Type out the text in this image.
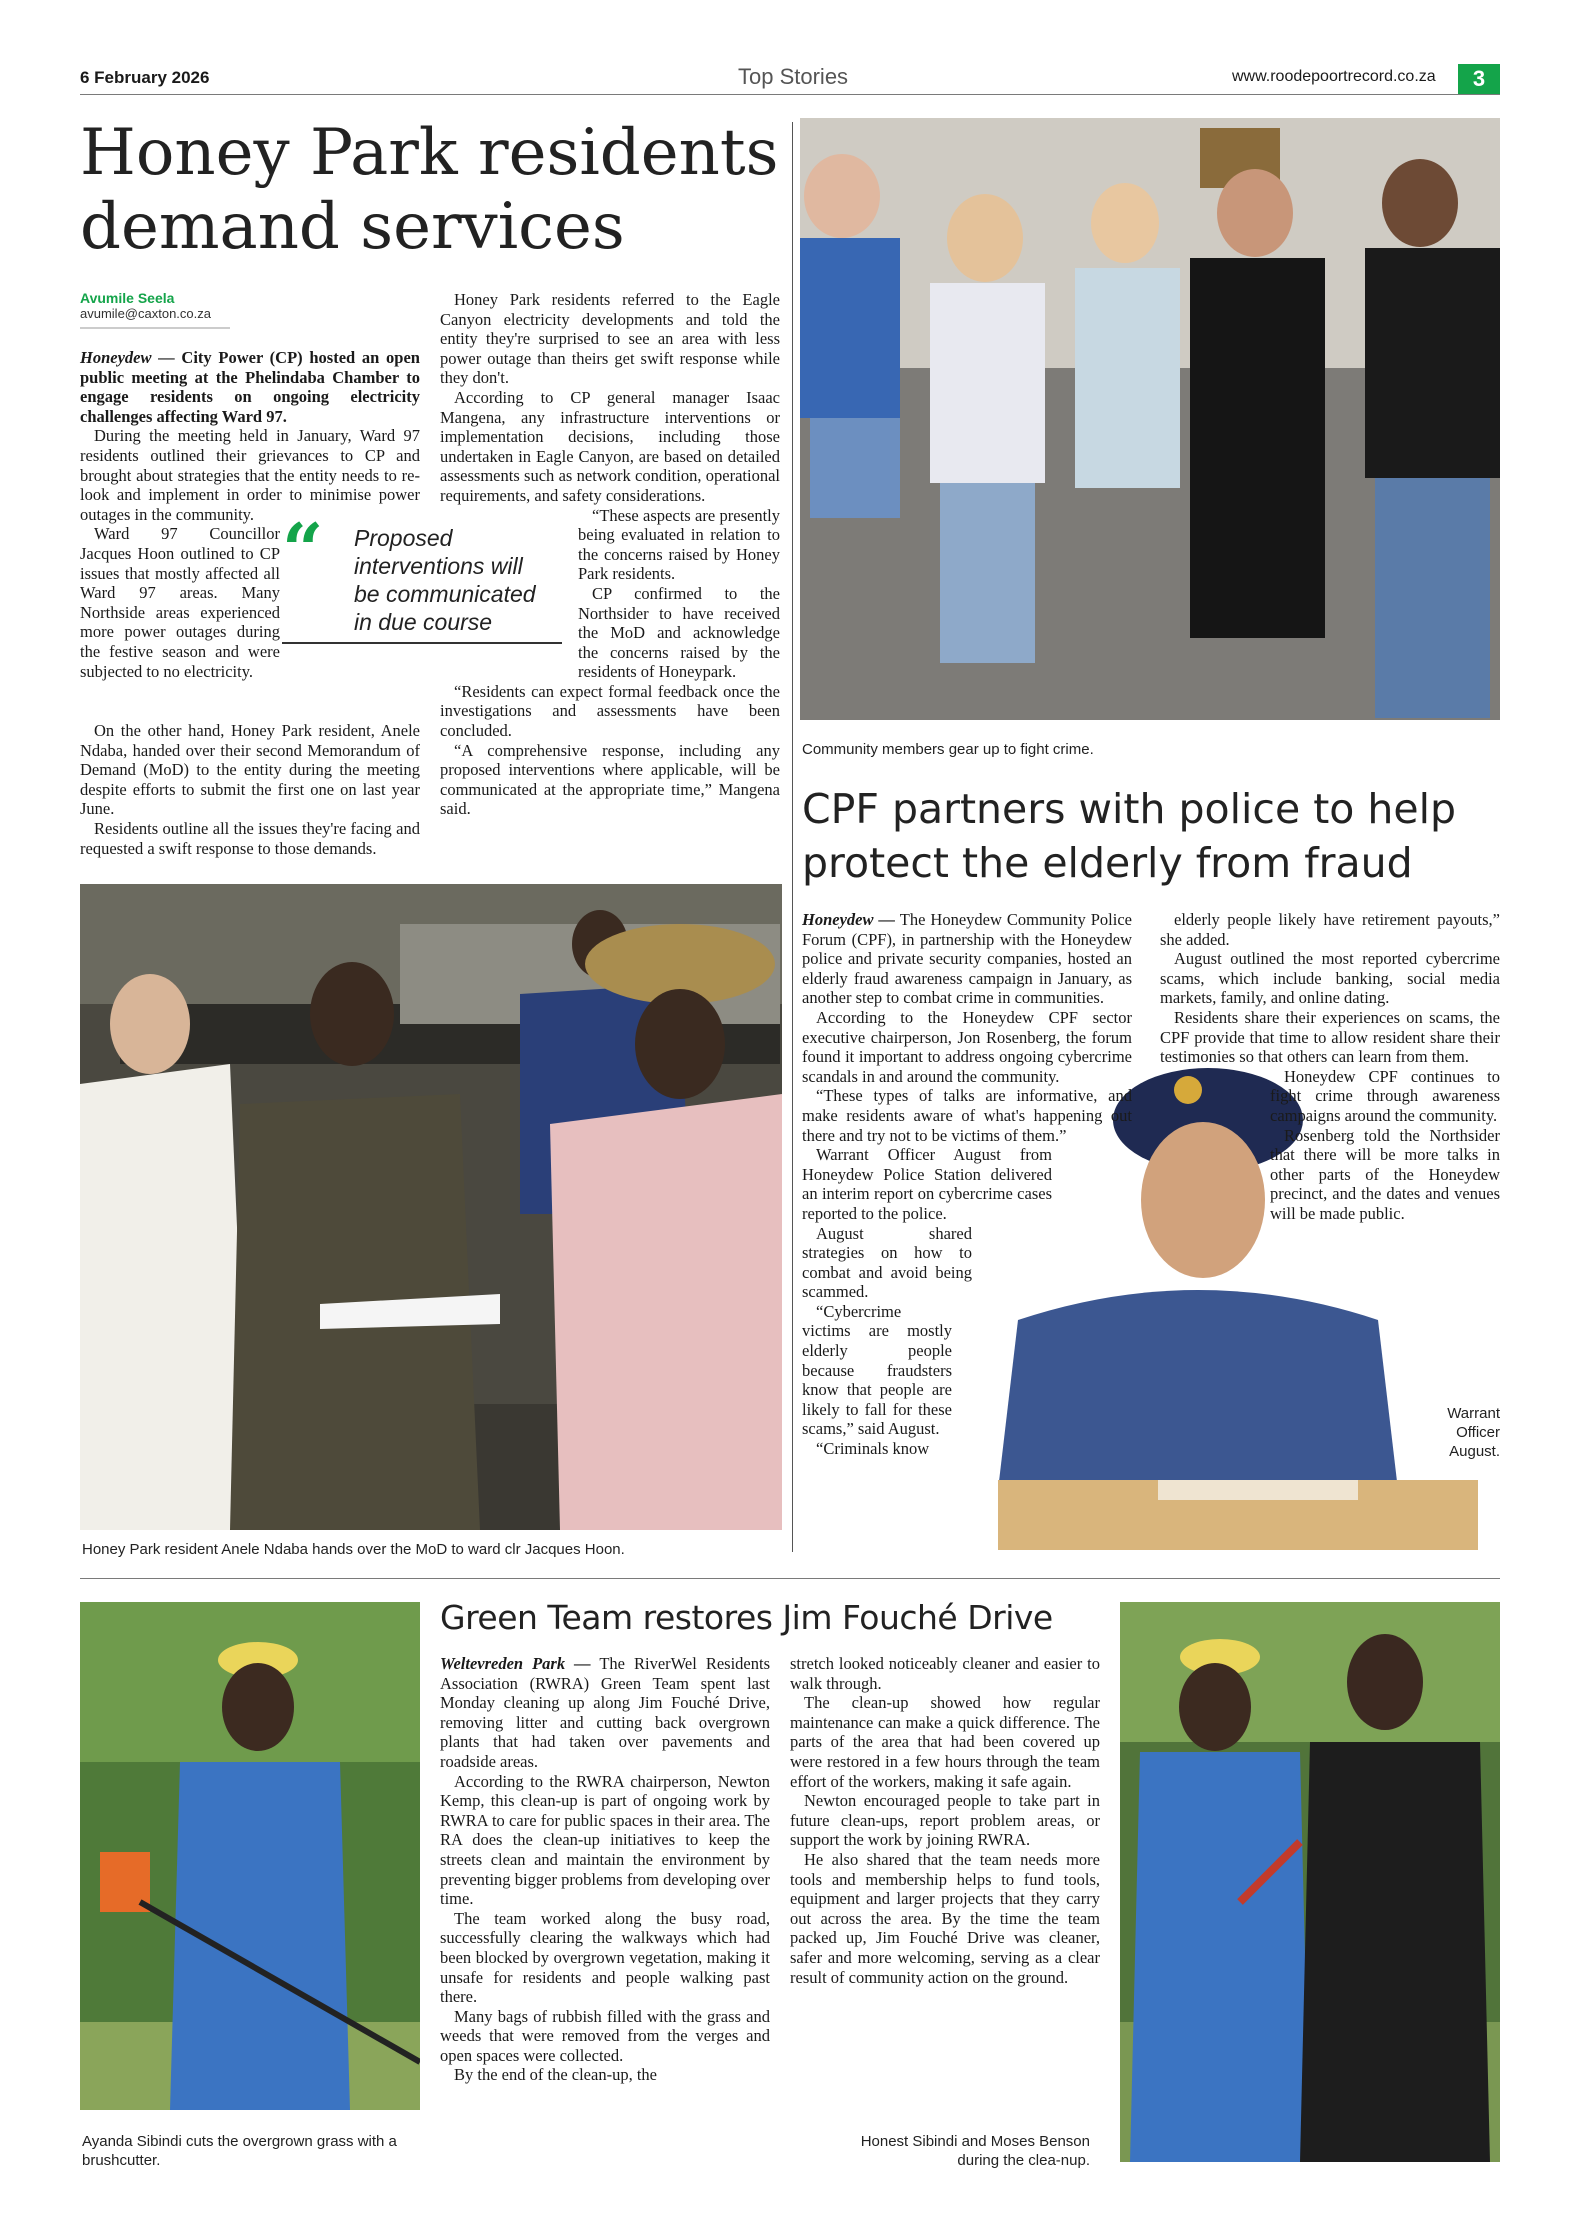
6 February 2026	Top Stories	www.roodepoortrecord.co.za	3
Honey Park residents
demand services
Avumile Seela
avumile@caxton.co.za

Honeydew — City Power (CP) hosted an open public meeting at the Phelindaba Chamber to engage residents on ongoing electricity challenges affecting Ward 97.

During the meeting held in January, Ward 97 residents outlined their grievances to CP and brought about strategies that the entity needs to re-look and implement in order to minimise power outages in the community.

Ward 97 Councillor Jacques Hoon outlined to CP issues that mostly affected all Ward 97 areas. Many Northside areas experienced more power outages during the festive season and were subjected to no electricity.

On the other hand, Honey Park resident, Anele Ndaba, handed over their second Memorandum of Demand (MoD) to the entity during the meeting despite efforts to submit the first one on last year June.

Residents outline all the issues they're facing and requested a swift response to those demands.

Honey Park residents referred to the Eagle Canyon electricity developments and told the entity they're surprised to see an area with less power outage than theirs get swift response while they don't.

According to CP general manager Isaac Mangena, any infrastructure interventions or implementation decisions, including those undertaken in Eagle Canyon, are based on detailed assessments such as network condition, operational requirements, and safety considerations.

“These aspects are presently being evaluated in relation to the concerns raised by Honey Park residents.

CP confirmed to the Northsider to have received the MoD and acknowledge the concerns raised by the residents of Honeypark.

“Residents can expect formal feedback once the investigations and assessments have been concluded.

“A comprehensive response, including any proposed interventions where applicable, will be communicated at the appropriate time,” Mangena said.

“ Proposed interventions will be communicated in due course
Honey Park resident Anele Ndaba hands over the MoD to ward clr Jacques Hoon.
Community members gear up to fight crime.
CPF partners with police to help
protect the elderly from fraud
Warrant Officer August.

Honeydew — The Honeydew Community Police Forum (CPF), in partnership with the Honeydew police and private security companies, hosted an elderly fraud awareness campaign in January, as another step to combat crime in communities.

According to the Honeydew CPF sector executive chairperson, Jon Rosenberg, the forum found it important to address ongoing cybercrime scandals in and around the community.

“These types of talks are informative, and make residents aware of what's happening out there and try not to be victims of them.”

Warrant Officer August from Honeydew Police Station delivered an interim report on cybercrime cases reported to the police.

August shared strategies on how to combat and avoid being scammed.

“Cybercrime victims are mostly elderly people because fraudsters know that people are likely to fall for these scams,” said August.

“Criminals know

elderly people likely have retirement payouts,” she added.

August outlined the most reported cybercrime scams, which include banking, social media markets, family, and online dating.

Residents share their experiences on scams, the CPF provide that time to allow resident share their testimonies so that others can learn from them.

Honeydew CPF continues to fight crime through awareness campaigns around the community.

Rosenberg told the Northsider that there will be more talks in other parts of the Honeydew precinct, and the dates and venues will be made public.

Ayanda Sibindi cuts the overgrown grass with a brushcutter.
Green Team restores Jim Fouché Drive

Weltevreden Park — The RiverWel Residents Association (RWRA) Green Team spent last Monday cleaning up along Jim Fouché Drive, removing litter and cutting back overgrown plants that had taken over pavements and roadside areas.

According to the RWRA chairperson, Newton Kemp, this clean-up is part of ongoing work by RWRA to care for public spaces in their area. The RA does the clean-up initiatives to keep the streets clean and maintain the environment by preventing bigger problems from developing over time.

The team worked along the busy road, successfully clearing the walkways which had been blocked by overgrown vegetation, making it unsafe for residents and people walking past there.

Many bags of rubbish filled with the grass and weeds that were removed from the verges and open spaces were collected.

By the end of the clean-up, the

stretch looked noticeably cleaner and easier to walk through.

The clean-up showed how regular maintenance can make a quick difference. The parts of the area that had been covered up were restored in a few hours through the team effort of the workers, making it safe again.

Newton encouraged people to take part in future clean-ups, report problem areas, or support the work by joining RWRA.

He also shared that the team needs more tools and membership helps to fund tools, equipment and larger projects that they carry out across the area. By the time the team packed up, Jim Fouché Drive was cleaner, safer and more welcoming, serving as a clear result of community action on the ground.

Honest Sibindi and Moses Benson during the clea-nup.
